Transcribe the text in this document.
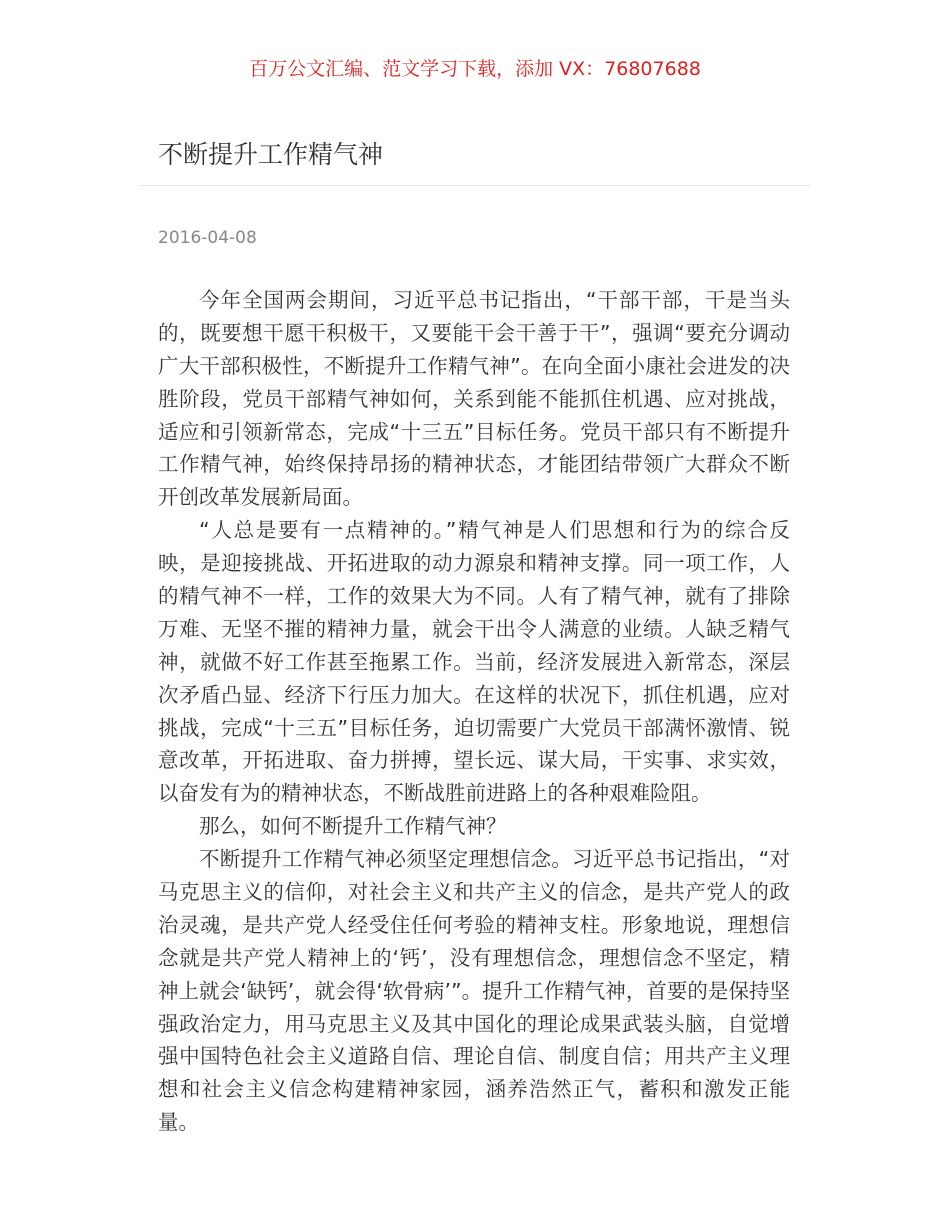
百万公文汇编、范文学习下载，添加 VX：76807688
不断提升工作精气神
2016-04-08
今年全国两会期间，习近平总书记指出，“干部干部，干是当头
的，既要想干愿干积极干，又要能干会干善于干”，强调“要充分调动
广大干部积极性，不断提升工作精气神”。在向全面小康社会进发的决
胜阶段，党员干部精气神如何，关系到能不能抓住机遇、应对挑战，
适应和引领新常态，完成“十三五”目标任务。党员干部只有不断提升
工作精气神，始终保持昂扬的精神状态，才能团结带领广大群众不断
开创改革发展新局面。
“人总是要有一点精神的。”精气神是人们思想和行为的综合反
映，是迎接挑战、开拓进取的动力源泉和精神支撑。同一项工作，人
的精气神不一样，工作的效果大为不同。人有了精气神，就有了排除
万难、无坚不摧的精神力量，就会干出令人满意的业绩。人缺乏精气
神，就做不好工作甚至拖累工作。当前，经济发展进入新常态，深层
次矛盾凸显、经济下行压力加大。在这样的状况下，抓住机遇，应对
挑战，完成“十三五”目标任务，迫切需要广大党员干部满怀激情、锐
意改革，开拓进取、奋力拼搏，望长远、谋大局，干实事、求实效，
以奋发有为的精神状态，不断战胜前进路上的各种艰难险阻。
那么，如何不断提升工作精气神？
不断提升工作精气神必须坚定理想信念。习近平总书记指出，“对
马克思主义的信仰，对社会主义和共产主义的信念，是共产党人的政
治灵魂，是共产党人经受住任何考验的精神支柱。形象地说，理想信
念就是共产党人精神上的‘钙’，没有理想信念，理想信念不坚定，精
神上就会‘缺钙’，就会得‘软骨病’”。提升工作精气神，首要的是保持坚
强政治定力，用马克思主义及其中国化的理论成果武装头脑，自觉增
强中国特色社会主义道路自信、理论自信、制度自信；用共产主义理
想和社会主义信念构建精神家园，涵养浩然正气，蓄积和激发正能
量。
